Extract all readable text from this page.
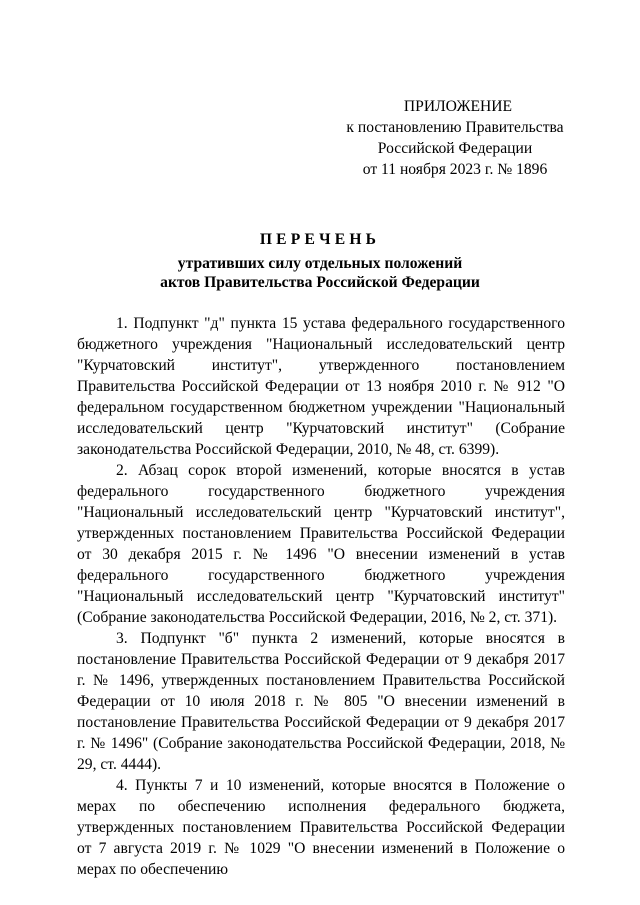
ПРИЛОЖЕНИЕ
к постановлению Правительства
Российской Федерации
от 11 ноября 2023 г. № 1896
ПЕРЕЧЕНЬ
утративших силу отдельных положений
актов Правительства Российской Федерации

1. Подпункт "д" пункта 15 устава федерального государственного бюджетного учреждения "Национальный исследовательский центр "Курчатовский институт", утвержденного постановлением Правительства Российской Федерации от 13 ноября 2010 г. № 912 "О федеральном государственном бюджетном учреждении "Национальный исследовательский центр "Курчатовский институт" (Собрание законодательства Российской Федерации, 2010, № 48, ст. 6399).

2. Абзац сорок второй изменений, которые вносятся в устав федерального государственного бюджетного учреждения "Национальный исследовательский центр "Курчатовский институт", утвержденных постановлением Правительства Российской Федерации от 30 декабря 2015 г. № 1496 "О внесении изменений в устав федерального государственного бюджетного учреждения "Национальный исследовательский центр "Курчатовский институт" (Собрание законодательства Российской Федерации, 2016, № 2, ст. 371).

3. Подпункт "б" пункта 2 изменений, которые вносятся в постановление Правительства Российской Федерации от 9 декабря 2017 г. № 1496, утвержденных постановлением Правительства Российской Федерации от 10 июля 2018 г. № 805 "О внесении изменений в постановление Правительства Российской Федерации от 9 декабря 2017 г. № 1496" (Собрание законодательства Российской Федерации, 2018, № 29, ст. 4444).

4. Пункты 7 и 10 изменений, которые вносятся в Положение о мерах по обеспечению исполнения федерального бюджета, утвержденных постановлением Правительства Российской Федерации от 7 августа 2019 г. № 1029 "О внесении изменений в Положение о мерах по обеспечению
